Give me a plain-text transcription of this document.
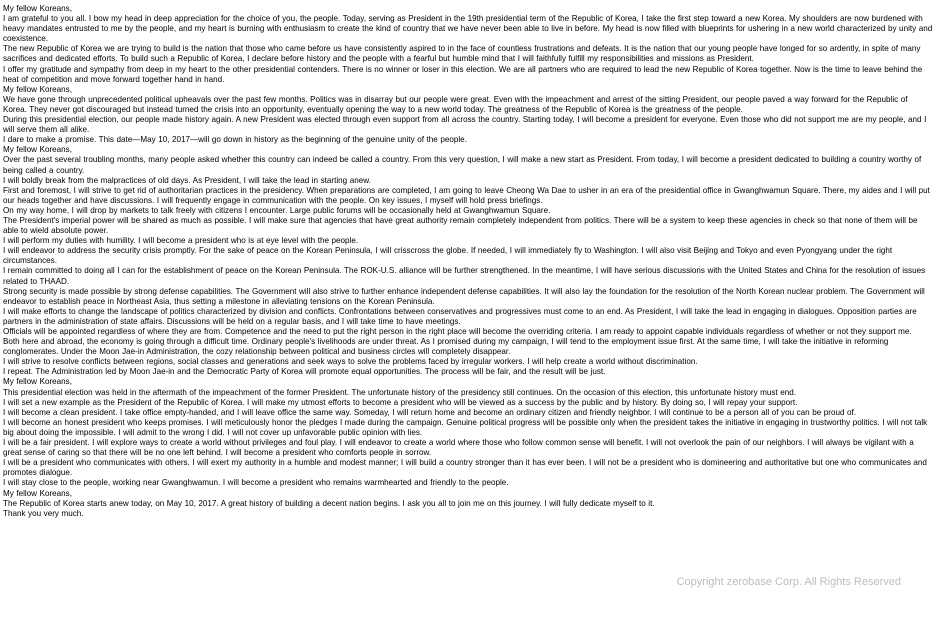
My fellow Koreans,

I am grateful to you all. I bow my head in deep appreciation for the choice of you, the people. Today, serving as President in the 19th presidential term of the Republic of Korea, I take the first step toward a new Korea. My shoulders are now burdened with heavy mandates entrusted to me by the people, and my heart is burning with enthusiasm to create the kind of country that we have never been able to live in before. My head is now filled with blueprints for ushering in a new world characterized by unity and coexistence.

The new Republic of Korea we are trying to build is the nation that those who came before us have consistently aspired to in the face of countless frustrations and defeats. It is the nation that our young people have longed for so ardently, in spite of many sacrifices and dedicated efforts. To build such a Republic of Korea, I declare before history and the people with a fearful but humble mind that I will faithfully fulfill my responsibilities and missions as President.

I offer my gratitude and sympathy from deep in my heart to the other presidential contenders. There is no winner or loser in this election. We are all partners who are required to lead the new Republic of Korea together. Now is the time to leave behind the heat of competition and move forward together hand in hand.

My fellow Koreans,

We have gone through unprecedented political upheavals over the past few months. Politics was in disarray but our people were great. Even with the impeachment and arrest of the sitting President, our people paved a way forward for the Republic of Korea. They never got discouraged but instead turned the crisis into an opportunity, eventually opening the way to a new world today. The greatness of the Republic of Korea is the greatness of the people.

During this presidential election, our people made history again. A new President was elected through even support from all across the country. Starting today, I will become a president for everyone. Even those who did not support me are my people, and I will serve them all alike.

I dare to make a promise. This date—May 10, 2017—will go down in history as the beginning of the genuine unity of the people.

My fellow Koreans,

Over the past several troubling months, many people asked whether this country can indeed be called a country. From this very question, I will make a new start as President. From today, I will become a president dedicated to building a country worthy of being called a country.

I will boldly break from the malpractices of old days. As President, I will take the lead in starting anew.

First and foremost, I will strive to get rid of authoritarian practices in the presidency. When preparations are completed, I am going to leave Cheong Wa Dae to usher in an era of the presidential office in Gwanghwamun Square. There, my aides and I will put our heads together and have discussions. I will frequently engage in communication with the people. On key issues, I myself will hold press briefings.

On my way home, I will drop by markets to talk freely with citizens I encounter. Large public forums will be occasionally held at Gwanghwamun Square.

The President's imperial power will be shared as much as possible. I will make sure that agencies that have great authority remain completely independent from politics. There will be a system to keep these agencies in check so that none of them will be able to wield absolute power.

I will perform my duties with humility. I will become a president who is at eye level with the people.

I will endeavor to address the security crisis promptly. For the sake of peace on the Korean Peninsula, I will crisscross the globe. If needed, I will immediately fly to Washington. I will also visit Beijing and Tokyo and even Pyongyang under the right circumstances.

I remain committed to doing all I can for the establishment of peace on the Korean Peninsula. The ROK-U.S. alliance will be further strengthened. In the meantime, I will have serious discussions with the United States and China for the resolution of issues related to THAAD.

Strong security is made possible by strong defense capabilities. The Government will also strive to further enhance independent defense capabilities. It will also lay the foundation for the resolution of the North Korean nuclear problem. The Government will endeavor to establish peace in Northeast Asia, thus setting a milestone in alleviating tensions on the Korean Peninsula.

I will make efforts to change the landscape of politics characterized by division and conflicts. Confrontations between conservatives and progressives must come to an end. As President, I will take the lead in engaging in dialogues. Opposition parties are partners in the administration of state affairs. Discussions will be held on a regular basis, and I will take time to have meetings.

Officials will be appointed regardless of where they are from. Competence and the need to put the right person in the right place will become the overriding criteria. I am ready to appoint capable individuals regardless of whether or not they support me.

Both here and abroad, the economy is going through a difficult time. Ordinary people's livelihoods are under threat. As I promised during my campaign, I will tend to the employment issue first. At the same time, I will take the initiative in reforming conglomerates. Under the Moon Jae-in Administration, the cozy relationship between political and business circles will completely disappear.

I will strive to resolve conflicts between regions, social classes and generations and seek ways to solve the problems faced by irregular workers. I will help create a world without discrimination.

I repeat. The Administration led by Moon Jae-in and the Democratic Party of Korea will promote equal opportunities. The process will be fair, and the result will be just.

My fellow Koreans,

This presidential election was held in the aftermath of the impeachment of the former President. The unfortunate history of the presidency still continues. On the occasion of this election, this unfortunate history must end.

I will set a new example as the President of the Republic of Korea. I will make my utmost efforts to become a president who will be viewed as a success by the public and by history. By doing so, I will repay your support.

I will become a clean president. I take office empty-handed, and I will leave office the same way. Someday, I will return home and become an ordinary citizen and friendly neighbor. I will continue to be a person all of you can be proud of.

I will become an honest president who keeps promises. I will meticulously honor the pledges I made during the campaign. Genuine political progress will be possible only when the president takes the initiative in engaging in trustworthy politics. I will not talk big about doing the impossible. I will admit to the wrong I did. I will not cover up unfavorable public opinion with lies.

I will be a fair president. I will explore ways to create a world without privileges and foul play. I will endeavor to create a world where those who follow common sense will benefit. I will not overlook the pain of our neighbors. I will always be vigilant with a great sense of caring so that there will be no one left behind. I will become a president who comforts people in sorrow.

I will be a president who communicates with others. I will exert my authority in a humble and modest manner; I will build a country stronger than it has ever been. I will not be a president who is domineering and authoritative but one who communicates and promotes dialogue.

I will stay close to the people, working near Gwanghwamun. I will become a president who remains warmhearted and friendly to the people.

My fellow Koreans,

The Republic of Korea starts anew today, on May 10, 2017. A great history of building a decent nation begins. I ask you all to join me on this journey. I will fully dedicate myself to it.

Thank you very much.

Copyright zerobase Corp. All Rights Reserved
